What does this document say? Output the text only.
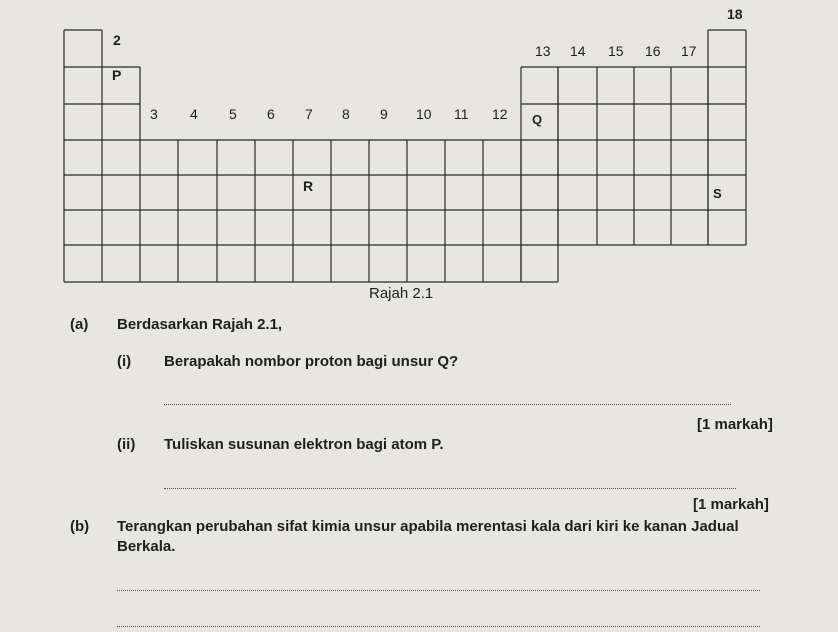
18
2
13 14 15 16 17
3 4 5 6 7 8 9 10 11 12
P
Q
R	S
Rajah 2.1
(a) Berdasarkan Rajah 2.1,
(i) Berapakah nombor proton bagi unsur Q?
[1 markah]
(ii) Tuliskan susunan elektron bagi atom P.
[1 markah]
(b) Terangkan perubahan sifat kimia unsur apabila merentasi kala dari kiri ke kanan Jadual
Berkala.
